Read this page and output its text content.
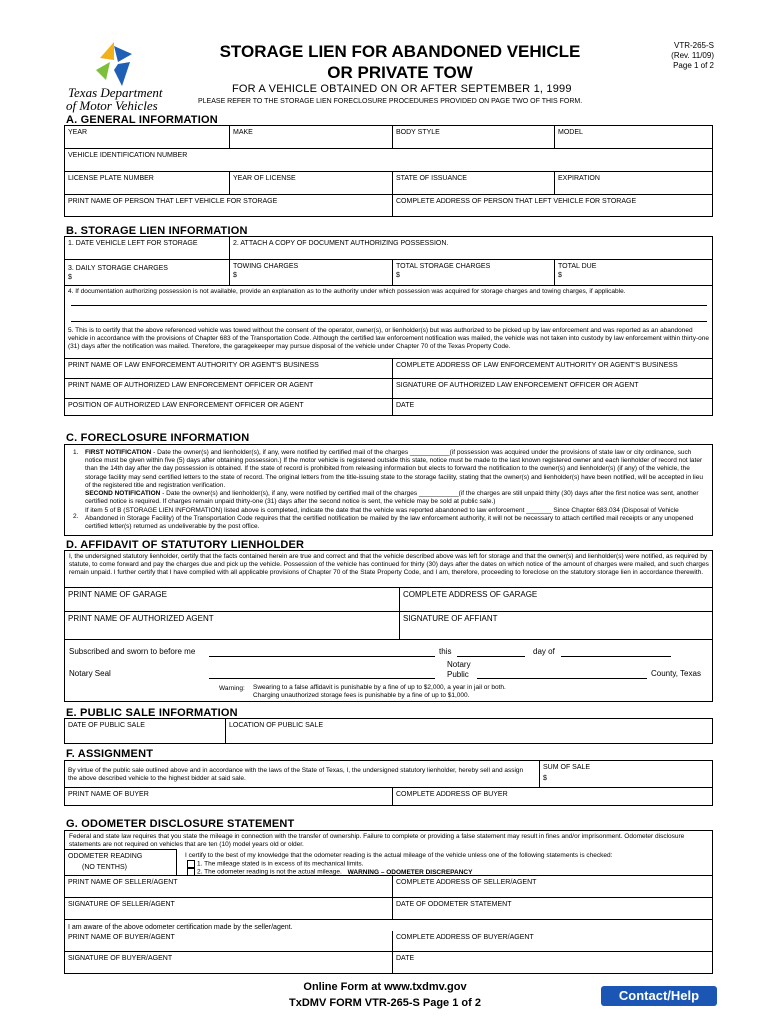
Texas Department
of Motor Vehicles
STORAGE LIEN FOR ABANDONED VEHICLE
OR PRIVATE TOW
VTR-265-S
(Rev. 11/09)
Page 1 of 2
FOR A VEHICLE OBTAINED ON OR AFTER SEPTEMBER 1, 1999
PLEASE REFER TO THE STORAGE LIEN FORECLOSURE PROCEDURES PROVIDED ON PAGE TWO OF THIS FORM.
A. GENERAL INFORMATION
YEAR	MAKE	BODY STYLE	MODEL
VEHICLE IDENTIFICATION NUMBER
LICENSE PLATE NUMBER	YEAR OF LICENSE	STATE OF ISSUANCE	EXPIRATION
PRINT NAME OF PERSON THAT LEFT VEHICLE FOR STORAGE	COMPLETE ADDRESS OF PERSON THAT LEFT VEHICLE FOR STORAGE
B. STORAGE LIEN INFORMATION
1. DATE VEHICLE LEFT FOR STORAGE	2. ATTACH A COPY OF DOCUMENT AUTHORIZING POSSESSION.
3. DAILY STORAGE CHARGES
$
TOWING CHARGES
$
TOTAL STORAGE CHARGES
$
TOTAL DUE
$
4. If documentation authorizing possession is not available, provide an explanation as to the authority under which possession was acquired for storage charges and towing charges, if applicable.
5. This is to certify that the above referenced vehicle was towed without the consent of the operator, owner(s), or lienholder(s) but was authorized to be picked up by law enforcement and was reported as an abandoned vehicle in accordance with the provisions of Chapter 683 of the Transportation Code. Although the certified law enforcement notification was mailed, the vehicle was not taken into custody by law enforcement within thirty-one (31) days after the notification was mailed. Therefore, the garagekeeper may pursue disposal of the vehicle under Chapter 70 of the Texas Property Code.
PRINT NAME OF LAW ENFORCEMENT AUTHORITY OR AGENT'S BUSINESS	COMPLETE ADDRESS OF LAW ENFORCEMENT AUTHORITY OR AGENT'S BUSINESS
PRINT NAME OF AUTHORIZED LAW ENFORCEMENT OFFICER OR AGENT	SIGNATURE OF AUTHORIZED LAW ENFORCEMENT OFFICER OR AGENT
POSITION OF AUTHORIZED LAW ENFORCEMENT OFFICER OR AGENT	DATE
C. FORECLOSURE INFORMATION
1. FIRST NOTIFICATION - Date the owner(s) and lienholder(s), if any, were notified by certified mail of the charges ___________(if possession was acquired under the provisions of state law or city ordinance, such notice must be given within five (5) days after obtaining possession.) If the motor vehicle is registered outside this state, notice must be made to the last known registered owner and each lienholder of record not later than the 14th day after the day possession is obtained. If the state of record is prohibited from releasing information but elects to forward the notification to the owner(s) and lienholder(s) (if any) of the vehicle, the storage facility may send certified letters to the state of record. The original letters from the title-issuing state to the storage facility, stating that the owner(s) and lienholder(s) have been notified, will be accepted in lieu of the registered title and registration verification.
SECOND NOTIFICATION - Date the owner(s) and lienholder(s), if any, were notified by certified mail of the charges ___________(if the charges are still unpaid thirty (30) days after the first notice was sent, another certified notice is required. If charges remain unpaid thirty-one (31) days after the second notice is sent, the vehicle may be sold at public sale.)
2.
If item 5 of B (STORAGE LIEN INFORMATION) listed above is completed, indicate the date that the vehicle was reported abandoned to law enforcement _______ Since Chapter 683.034 (Disposal of Vehicle Abandoned in Storage Facility) of the Transportation Code requires that the certified notification be mailed by the law enforcement authority, it will not be necessary to attach certified mail receipts or any unopened certified letter(s) returned as undeliverable by the post office.
D. AFFIDAVIT OF STATUTORY LIENHOLDER
I, the undersigned statutory lienholder, certify that the facts contained herein are true and correct and that the vehicle described above was left for storage and that the owner(s) and lienholder(s) were notified, as required by statute, to come forward and pay the charges due and pick up the vehicle. Possession of the vehicle has continued for thirty (30) days after the dates on which notice of the amount of charges were mailed, and such charges remain unpaid. I further certify that I have complied with all applicable provisions of Chapter 70 of the State Property Code, and I am, therefore, proceeding to foreclose on the statutory storage lien in accordance therewith.
PRINT NAME OF GARAGE	COMPLETE ADDRESS OF GARAGE
PRINT NAME OF AUTHORIZED AGENT	SIGNATURE OF AFFIANT
Subscribed and sworn to before me	this	day of
Notary Seal
Notary
Public	County, Texas
Warning: Swearing to a false affidavit is punishable by a fine of up to $2,000, a year in jail or both.
Charging unauthorized storage fees is punishable by a fine of up to $1,000.
E. PUBLIC SALE INFORMATION
DATE OF PUBLIC SALE	LOCATION OF PUBLIC SALE
F. ASSIGNMENT
By virtue of the public sale outlined above and in accordance with the laws of the State of Texas, I, the undersigned statutory lienholder, hereby sell and assign the above described vehicle to the highest bidder at said sale.
SUM OF SALE
$
PRINT NAME OF BUYER	COMPLETE ADDRESS OF BUYER
G. ODOMETER DISCLOSURE STATEMENT
Federal and state law requires that you state the mileage in connection with the transfer of ownership. Failure to complete or providing a false statement may result in fines and/or imprisonment. Odometer disclosure statements are not required on vehicles that are ten (10) model years old or older.
ODOMETER READING
(NO TENTHS)
I certify to the best of my knowledge that the odometer reading is the actual mileage of the vehicle unless one of the following statements is checked:
1. The mileage stated is in excess of its mechanical limits.
2. The odometer reading is not the actual mileage. WARNING – ODOMETER DISCREPANCY
PRINT NAME OF SELLER/AGENT	COMPLETE ADDRESS OF SELLER/AGENT
SIGNATURE OF SELLER/AGENT	DATE OF ODOMETER STATEMENT
I am aware of the above odometer certification made by the seller/agent.
PRINT NAME OF BUYER/AGENT	COMPLETE ADDRESS OF BUYER/AGENT
SIGNATURE OF BUYER/AGENT	DATE
Online Form at www.txdmv.gov
TxDMV FORM VTR-265-S Page 1 of 2	Contact/Help
